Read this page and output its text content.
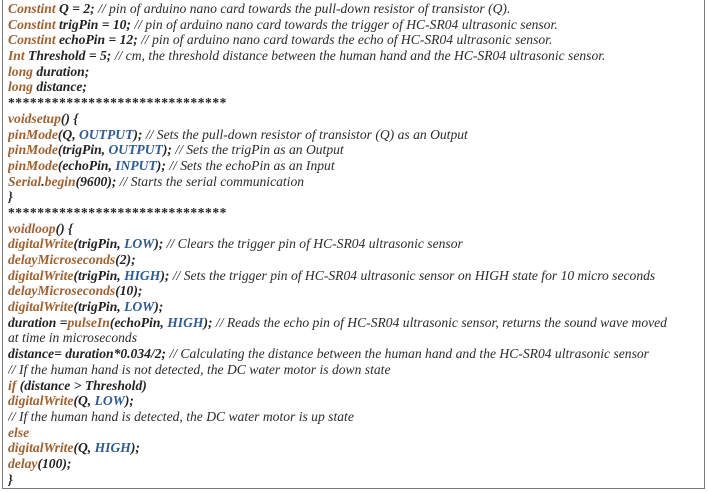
Constint Q = 2; // pin of arduino nano card towards the pull-down resistor of transistor (Q).
Constint trigPin = 10; // pin of arduino nano card towards the trigger of HC-SR04 ultrasonic sensor.
Constint echoPin = 12; // pin of arduino nano card towards the echo of HC-SR04 ultrasonic sensor.
Int Threshold = 5; // cm, the threshold distance between the human hand and the HC-SR04 ultrasonic sensor.
long duration;
long distance;
******************************
voidsetup() {
pinMode(Q, OUTPUT); // Sets the pull-down resistor of transistor (Q) as an Output
pinMode(trigPin, OUTPUT); // Sets the trigPin as an Output
pinMode(echoPin, INPUT); // Sets the echoPin as an Input
Serial.begin(9600); // Starts the serial communication
}
******************************
voidloop() {
digitalWrite(trigPin, LOW); // Clears the trigger pin of HC-SR04 ultrasonic sensor
delayMicroseconds(2);
digitalWrite(trigPin, HIGH); // Sets the trigger pin of HC-SR04 ultrasonic sensor on HIGH state for 10 micro seconds
delayMicroseconds(10);
digitalWrite(trigPin, LOW);
duration =pulseIn(echoPin, HIGH); // Reads the echo pin of HC-SR04 ultrasonic sensor, returns the sound wave moved
at time in microseconds
distance= duration*0.034/2; // Calculating the distance between the human hand and the HC-SR04 ultrasonic sensor
// If the human hand is not detected, the DC water motor is down state
if (distance > Threshold)
digitalWrite(Q, LOW);
// If the human hand is detected, the DC water motor is up state
else
digitalWrite(Q, HIGH);
delay(100);
}
